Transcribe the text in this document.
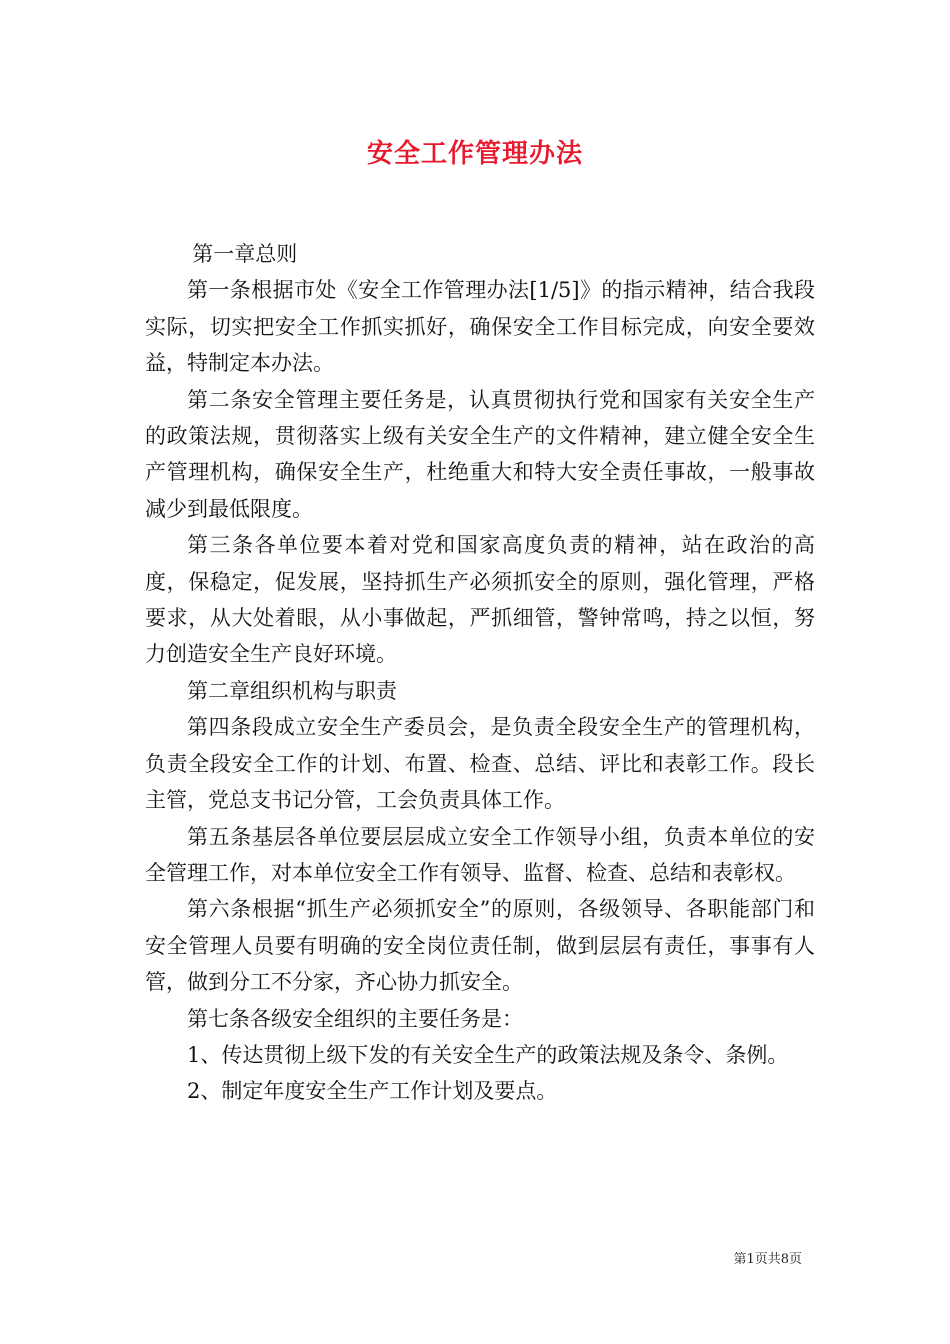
安全工作管理办法

第一章总则

第一条根据市处《安全工作管理办法[1/5]》的指示精神，结合我段实际，切实把安全工作抓实抓好，确保安全工作目标完成，向安全要效益，特制定本办法。

第二条安全管理主要任务是，认真贯彻执行党和国家有关安全生产的政策法规，贯彻落实上级有关安全生产的文件精神，建立健全安全生产管理机构，确保安全生产，杜绝重大和特大安全责任事故，一般事故减少到最低限度。

第三条各单位要本着对党和国家高度负责的精神，站在政治的高度，保稳定，促发展，坚持抓生产必须抓安全的原则，强化管理，严格要求，从大处着眼，从小事做起，严抓细管，警钟常鸣，持之以恒，努力创造安全生产良好环境。

第二章组织机构与职责

第四条段成立安全生产委员会，是负责全段安全生产的管理机构，负责全段安全工作的计划、布置、检查、总结、评比和表彰工作。段长主管，党总支书记分管，工会负责具体工作。

第五条基层各单位要层层成立安全工作领导小组，负责本单位的安全管理工作，对本单位安全工作有领导、监督、检查、总结和表彰权。

第六条根据“抓生产必须抓安全”的原则，各级领导、各职能部门和安全管理人员要有明确的安全岗位责任制，做到层层有责任，事事有人管，做到分工不分家，齐心协力抓安全。

第七条各级安全组织的主要任务是：

1、传达贯彻上级下发的有关安全生产的政策法规及条令、条例。

2、制定年度安全生产工作计划及要点。

第1页共8页
